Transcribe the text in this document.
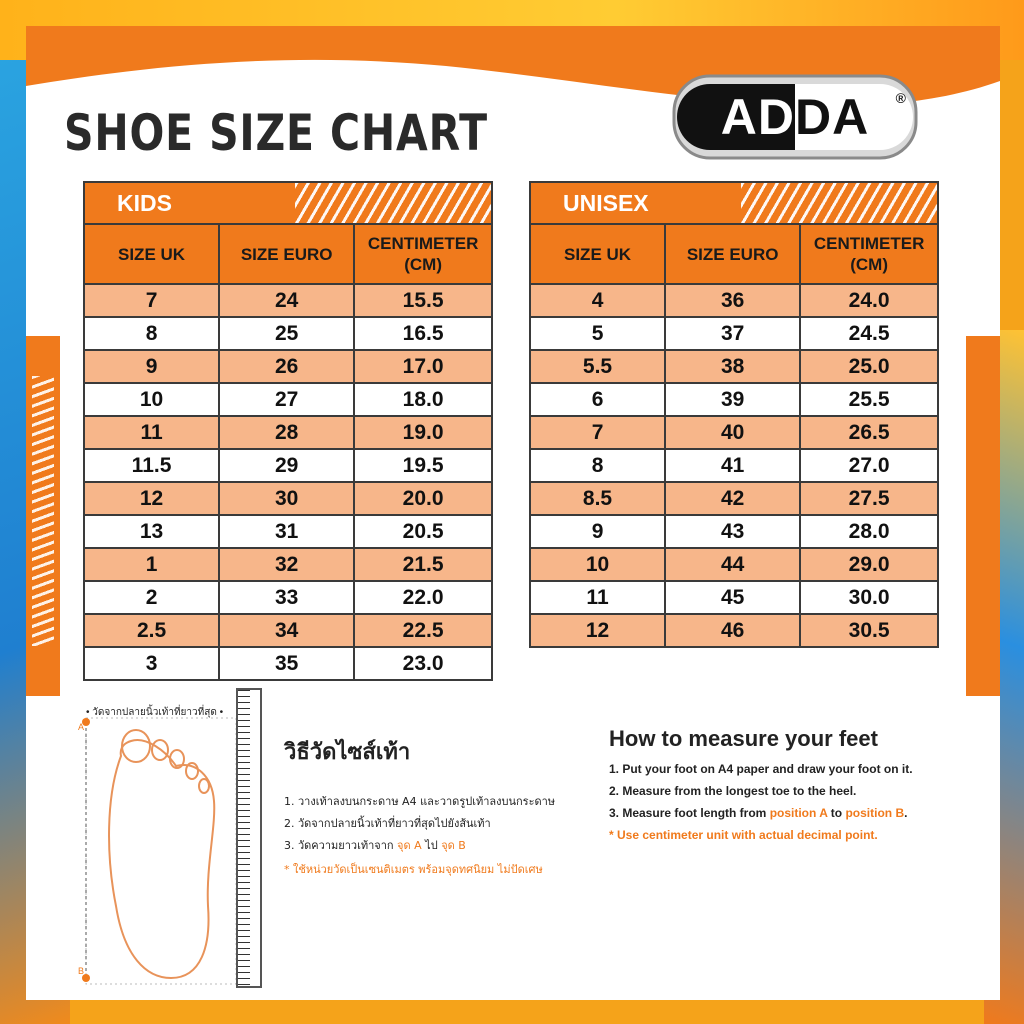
SHOE SIZE CHART	ADDA	®
KIDS		
SIZE UK	SIZE EURO	CENTIMETER (CM)
7	24	15.5
8	25	16.5
9	26	17.0
10	27	18.0
11	28	19.0
11.5	29	19.5
12	30	20.0
13	31	20.5
1	32	21.5
2	33	22.0
2.5	34	22.5
3	35	23.0
UNISEX		
SIZE UK	SIZE EURO	CENTIMETER (CM)
4	36	24.0
5	37	24.5
5.5	38	25.0
6	39	25.5
7	40	26.5
8	41	27.0
8.5	42	27.5
9	43	28.0
10	44	29.0
11	45	30.0
12	46	30.5
• วัดจากปลายนิ้วเท้าที่ยาวที่สุด •
A
B
วิธีวัดไซส์เท้า
1. วางเท้าลงบนกระดาษ A4 และวาดรูปเท้าลงบนกระดาษ
2. วัดจากปลายนิ้วเท้าที่ยาวที่สุดไปยังส้นเท้า
3. วัดความยาวเท้าจาก จุด A ไป จุด B
* ใช้หน่วยวัดเป็นเซนติเมตร พร้อมจุดทศนิยม ไม่ปัดเศษ
How to measure your feet
1. Put your foot on A4 paper and draw your foot on it.
2. Measure from the longest toe to the heel.
3. Measure foot length from position A to position B.
* Use centimeter unit with actual decimal point.
